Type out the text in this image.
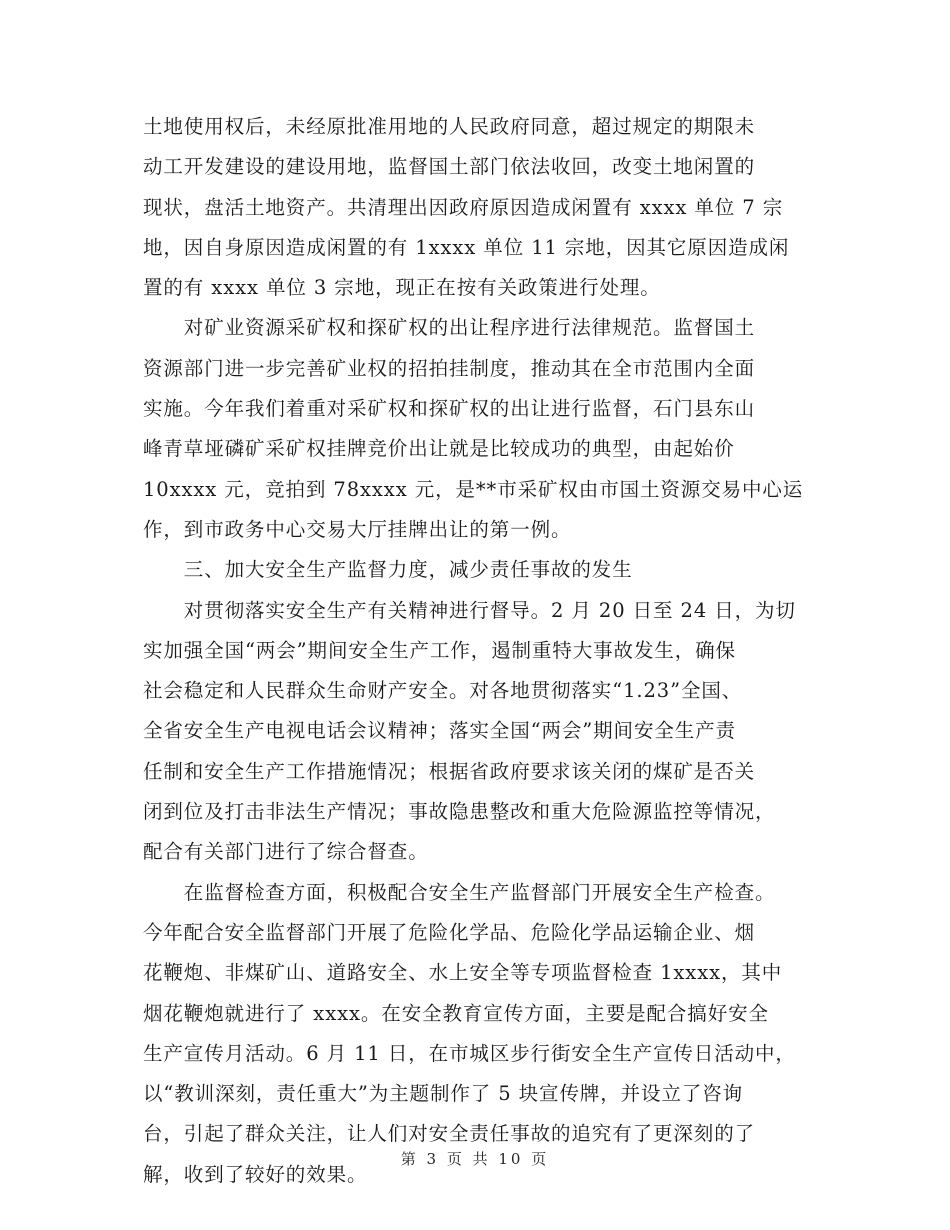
土地使用权后，未经原批准用地的人民政府同意，超过规定的期限未
动工开发建设的建设用地，监督国土部门依法收回，改变土地闲置的
现状，盘活土地资产。共清理出因政府原因造成闲置有 xxxx 单位 7 宗
地，因自身原因造成闲置的有 1xxxx 单位 11 宗地，因其它原因造成闲
置的有 xxxx 单位 3 宗地，现正在按有关政策进行处理。

　　对矿业资源采矿权和探矿权的出让程序进行法律规范。监督国土
资源部门进一步完善矿业权的招拍挂制度，推动其在全市范围内全面
实施。今年我们着重对采矿权和探矿权的出让进行监督，石门县东山
峰青草垭磷矿采矿权挂牌竞价出让就是比较成功的典型，由起始价
10xxxx 元，竞拍到 78xxxx 元，是**市采矿权由市国土资源交易中心运
作，到市政务中心交易大厅挂牌出让的第一例。

　　三、加大安全生产监督力度，减少责任事故的发生

　　对贯彻落实安全生产有关精神进行督导。2 月 20 日至 24 日，为切
实加强全国“两会”期间安全生产工作，遏制重特大事故发生，确保
社会稳定和人民群众生命财产安全。对各地贯彻落实“1.23”全国、
全省安全生产电视电话会议精神；落实全国“两会”期间安全生产责
任制和安全生产工作措施情况；根据省政府要求该关闭的煤矿是否关
闭到位及打击非法生产情况；事故隐患整改和重大危险源监控等情况，
配合有关部门进行了综合督查。

　　在监督检查方面，积极配合安全生产监督部门开展安全生产检查。
今年配合安全监督部门开展了危险化学品、危险化学品运输企业、烟
花鞭炮、非煤矿山、道路安全、水上安全等专项监督检查 1xxxx，其中
烟花鞭炮就进行了 xxxx。在安全教育宣传方面，主要是配合搞好安全
生产宣传月活动。6 月 11 日，在市城区步行街安全生产宣传日活动中，
以“教训深刻，责任重大”为主题制作了 5 块宣传牌，并设立了咨询
台，引起了群众关注，让人们对安全责任事故的追究有了更深刻的了
解，收到了较好的效果。

第 3 页 共 10 页
